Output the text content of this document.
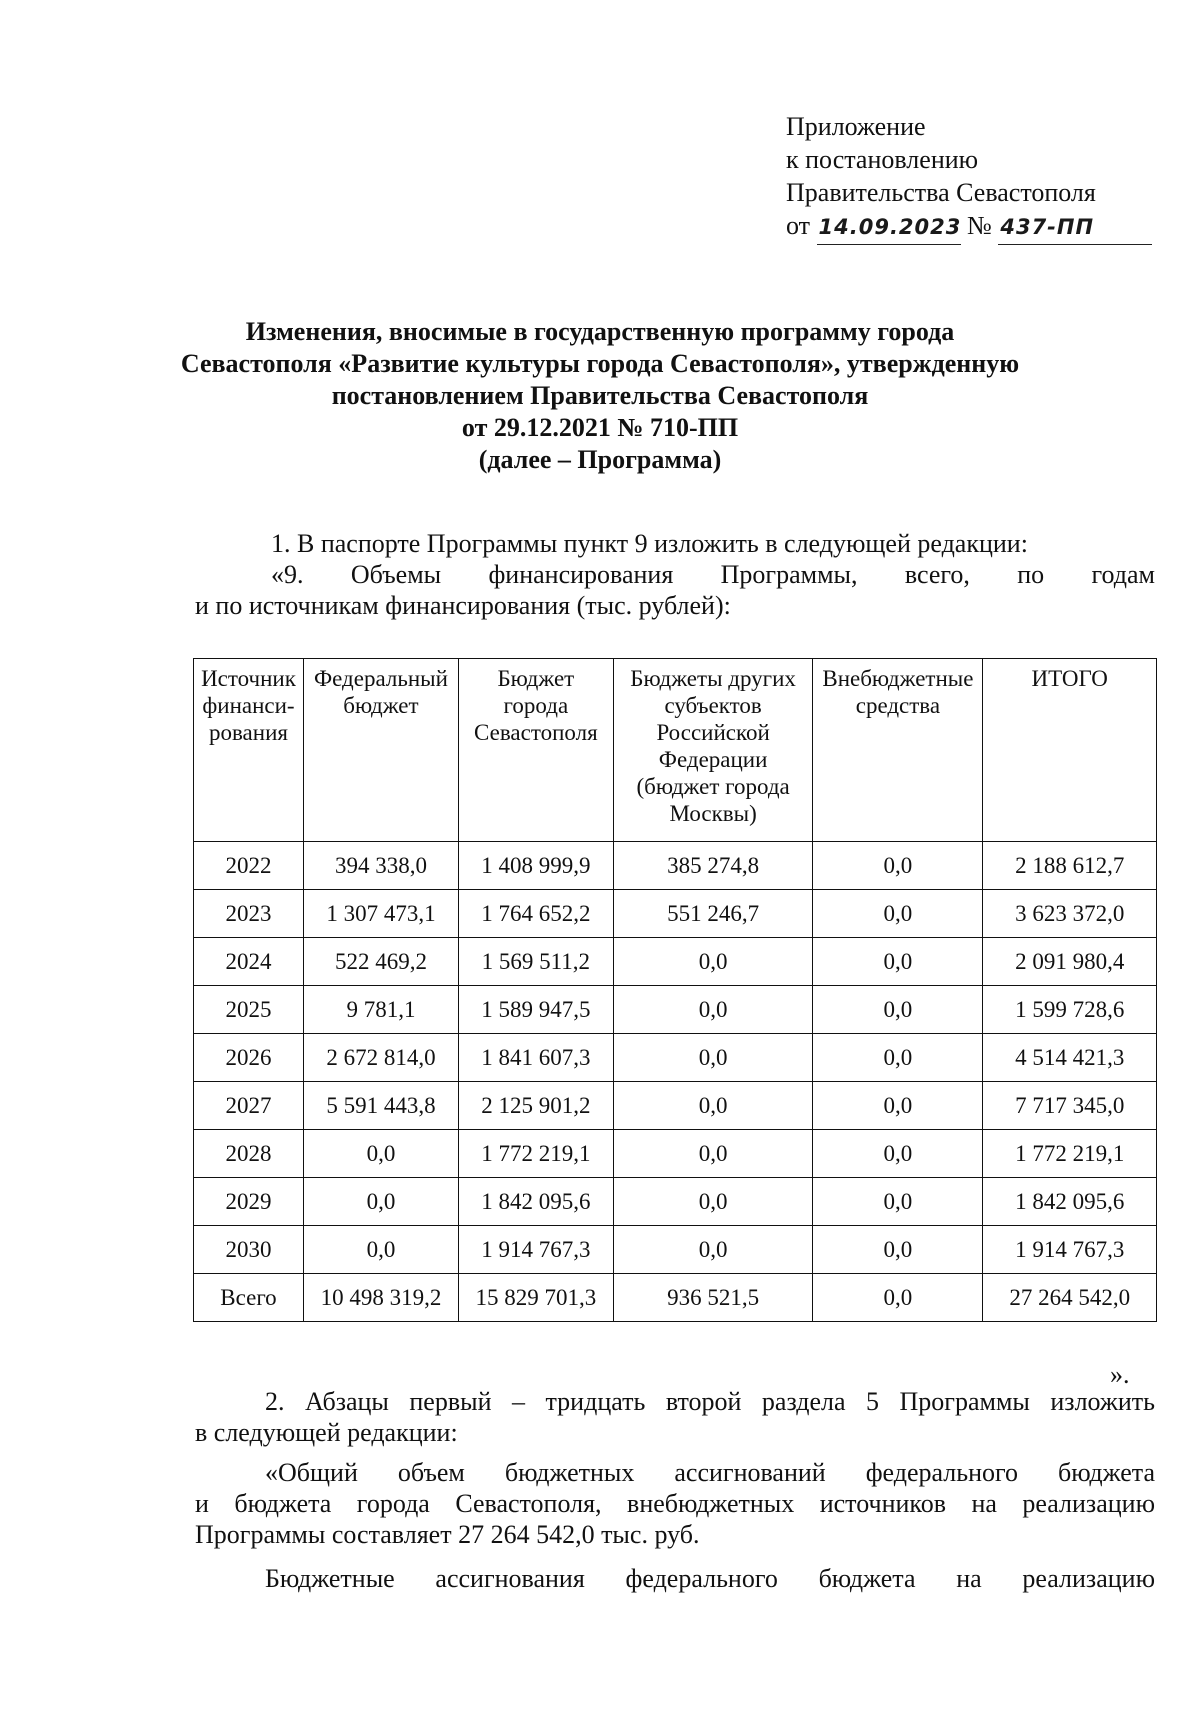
Приложение
к постановлению
Правительства Севастополя
от 14.09.2023 № 437-ПП
Изменения, вносимые в государственную программу города
Севастополя «Развитие культуры города Севастополя», утвержденную
постановлением Правительства Севастополя
от 29.12.2021 № 710-ПП
(далее – Программа)
1. В паспорте Программы пункт 9 изложить в следующей редакции:
«9. Объемы финансирования Программы, всего, по годам
и по источникам финансирования (тыс. рублей):
Источник финанси-рования	Федеральный бюджет	Бюджет города Севастополя	Бюджеты других субъектов Российской Федерации (бюджет города Москвы)	Внебюджетные средства	ИТОГО
2022	394 338,0	1 408 999,9	385 274,8	0,0	2 188 612,7
2023	1 307 473,1	1 764 652,2	551 246,7	0,0	3 623 372,0
2024	522 469,2	1 569 511,2	0,0	0,0	2 091 980,4
2025	9 781,1	1 589 947,5	0,0	0,0	1 599 728,6
2026	2 672 814,0	1 841 607,3	0,0	0,0	4 514 421,3
2027	5 591 443,8	2 125 901,2	0,0	0,0	7 717 345,0
2028	0,0	1 772 219,1	0,0	0,0	1 772 219,1
2029	0,0	1 842 095,6	0,0	0,0	1 842 095,6
2030	0,0	1 914 767,3	0,0	0,0	1 914 767,3
Всего	10 498 319,2	15 829 701,3	936 521,5	0,0	27 264 542,0
».
2. Абзацы первый – тридцать второй раздела 5 Программы изложить
в следующей редакции:
«Общий объем бюджетных ассигнований федерального бюджета
и бюджета города Севастополя, внебюджетных источников на реализацию
Программы составляет 27 264 542,0 тыс. руб.
Бюджетные ассигнования федерального бюджета на реализацию
